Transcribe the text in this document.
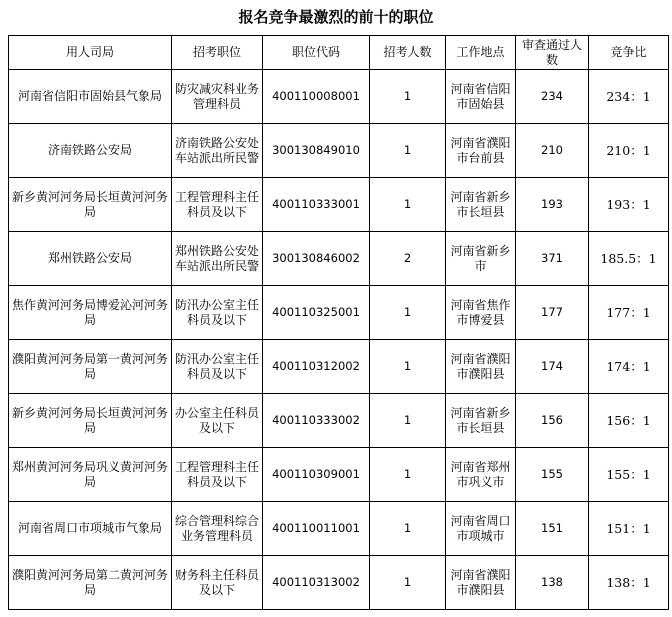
报名竞争最激烈的前十的职位
用人司局	招考职位	职位代码	招考人数	工作地点	审查通过人数	竞争比
河南省信阳市固始县气象局	防灾减灾科业务管理科员	400110008001	1	河南省信阳市固始县	234	234：1
济南铁路公安局	济南铁路公安处车站派出所民警	300130849010	1	河南省濮阳市台前县	210	210：1
新乡黄河河务局长垣黄河河务局	工程管理科主任科员及以下	400110333001	1	河南省新乡市长垣县	193	193：1
郑州铁路公安局	郑州铁路公安处车站派出所民警	300130846002	2	河南省新乡市	371	185.5：1
焦作黄河河务局博爱沁河河务局	防汛办公室主任科员及以下	400110325001	1	河南省焦作市博爱县	177	177：1
濮阳黄河河务局第一黄河河务局	防汛办公室主任科员及以下	400110312002	1	河南省濮阳市濮阳县	174	174：1
新乡黄河河务局长垣黄河河务局	办公室主任科员及以下	400110333002	1	河南省新乡市长垣县	156	156：1
郑州黄河河务局巩义黄河河务局	工程管理科主任科员及以下	400110309001	1	河南省郑州市巩义市	155	155：1
河南省周口市项城市气象局	综合管理科综合业务管理科员	400110011001	1	河南省周口市项城市	151	151：1
濮阳黄河河务局第二黄河河务局	财务科主任科员及以下	400110313002	1	河南省濮阳市濮阳县	138	138：1
